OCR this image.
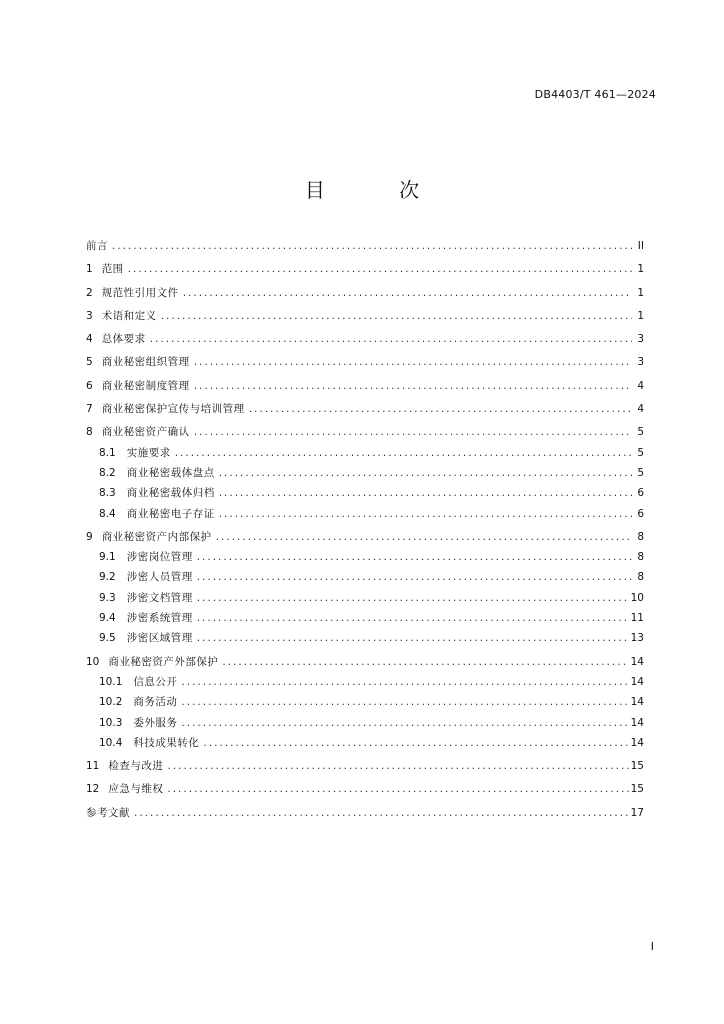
DB4403/T 461—2024
目 次
前言 .....	II
1 范围 .....	1
2 规范性引用文件 .....	1
3 术语和定义 .....	1
4 总体要求 .....	3
5 商业秘密组织管理 .....	3
6 商业秘密制度管理 .....	4
7 商业秘密保护宣传与培训管理 .....	4
8 商业秘密资产确认 .....	5
8.1 实施要求 .....	5
8.2 商业秘密载体盘点 .....	5
8.3 商业秘密载体归档 .....	6
8.4 商业秘密电子存证 .....	6
9 商业秘密资产内部保护 .....	8
9.1 涉密岗位管理 .....	8
9.2 涉密人员管理 .....	8
9.3 涉密文档管理 .....	10
9.4 涉密系统管理 .....	11
9.5 涉密区域管理 .....	13
10 商业秘密资产外部保护 .....	14
10.1 信息公开 .....	14
10.2 商务活动 .....	14
10.3 委外服务 .....	14
10.4 科技成果转化 .....	14
11 检查与改进 .....	15
12 应急与维权 .....	15
参考文献 .....	17
I
